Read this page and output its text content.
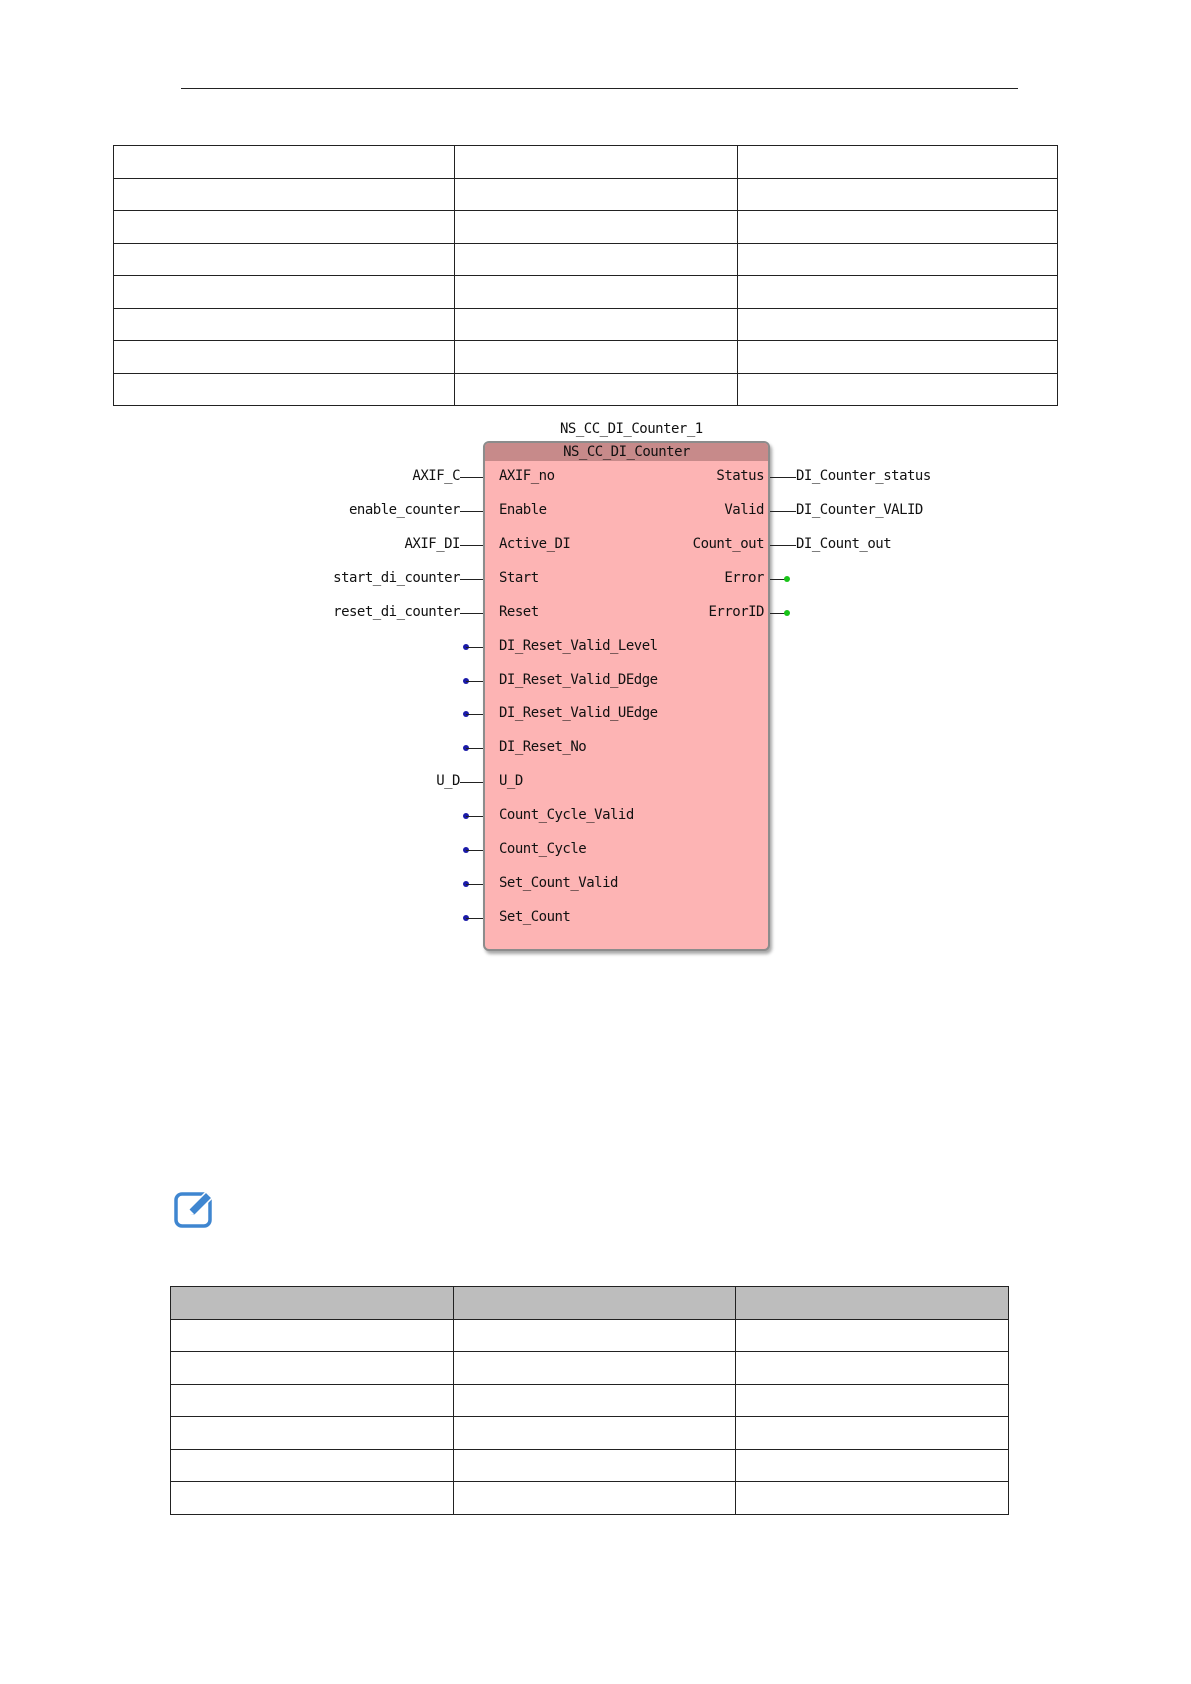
NS_CC_DI_Counter_1
NS_CC_DI_Counter
AXIF_no
Enable
Active_DI
Start
Reset
DI_Reset_Valid_Level
DI_Reset_Valid_DEdge
DI_Reset_Valid_UEdge
DI_Reset_No
U_D
Count_Cycle_Valid
Count_Cycle
Set_Count_Valid
Set_Count
Status
Valid
Count_out
Error
ErrorID
AXIF_C
enable_counter
AXIF_DI
start_di_counter
reset_di_counter
U_D
DI_Counter_status
DI_Counter_VALID
DI_Count_out
